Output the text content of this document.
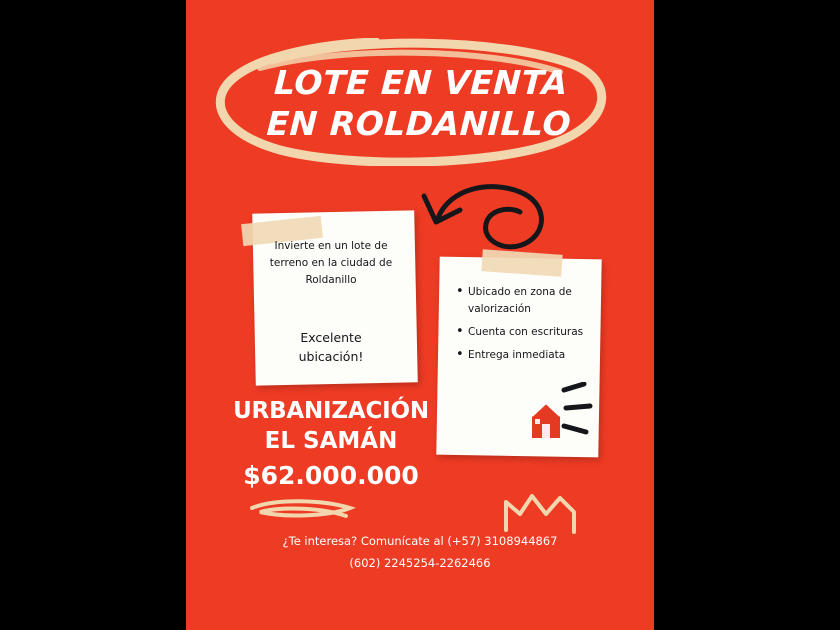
LOTE EN VENTA
EN ROLDANILLO
Invierte en un lote de terreno en la ciudad de Roldanillo
Excelente ubicación!
• Ubicado en zona de valorización
• Cuenta con escrituras
• Entrega inmediata
URBANIZACIÓN
EL SAMÁN
$62.000.000
¿Te interesa? Comunícate al (+57) 3108944867
(602) 2245254-2262466
